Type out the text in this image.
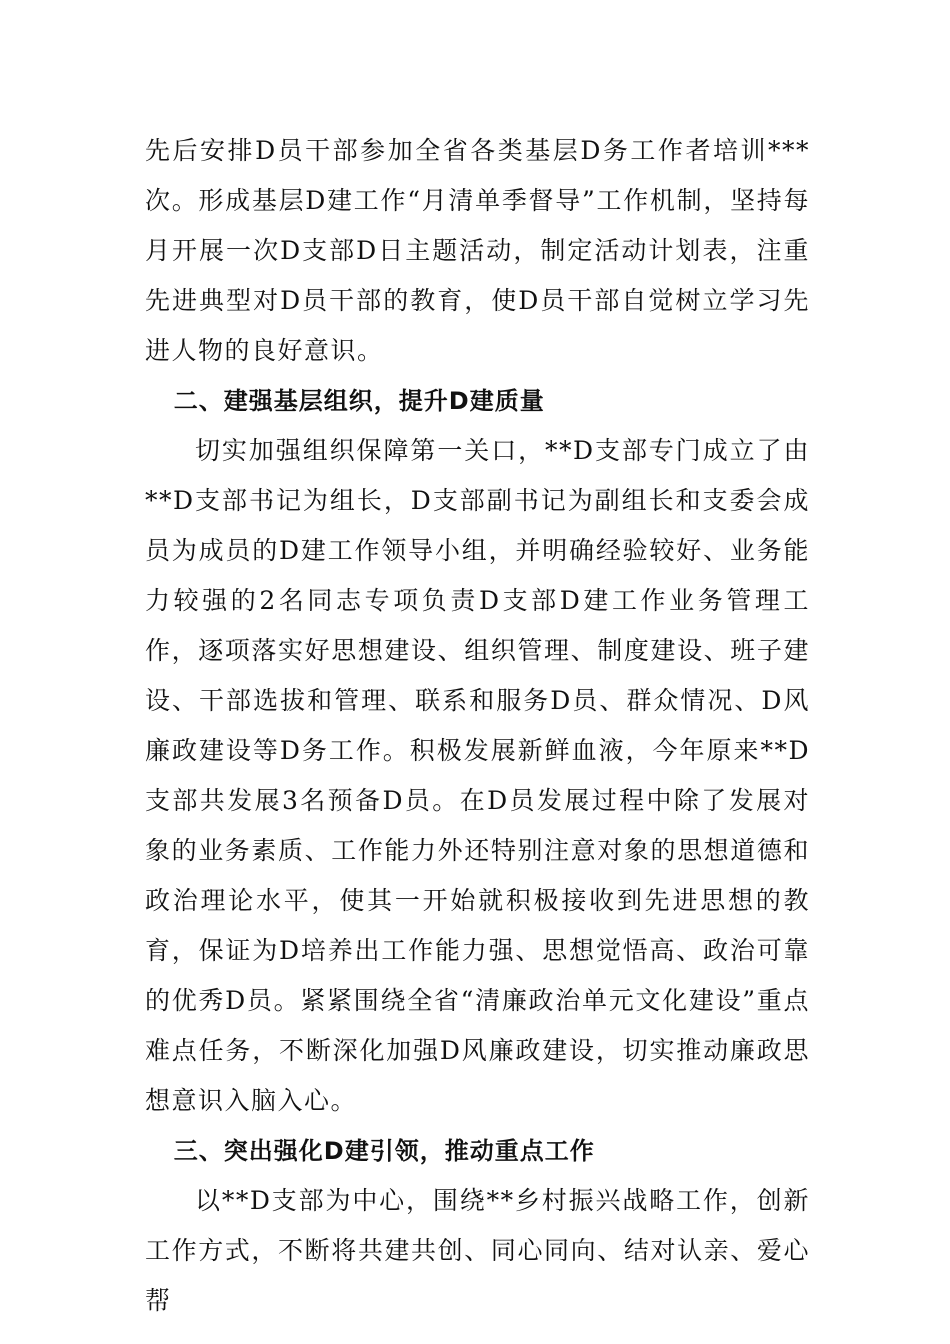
先后安排D员干部参加全省各类基层D务工作者培训***次。形成基层D建工作“月清单季督导”工作机制，坚持每月开展一次D支部D日主题活动，制定活动计划表，注重先进典型对D员干部的教育，使D员干部自觉树立学习先进人物的良好意识。

二、建强基层组织，提升D建质量

切实加强组织保障第一关口，**D支部专门成立了由**D支部书记为组长，D支部副书记为副组长和支委会成员为成员的D建工作领导小组，并明确经验较好、业务能力较强的2名同志专项负责D支部D建工作业务管理工作，逐项落实好思想建设、组织管理、制度建设、班子建设、干部选拔和管理、联系和服务D员、群众情况、D风廉政建设等D务工作。积极发展新鲜血液，今年原来**D支部共发展3名预备D员。在D员发展过程中除了发展对象的业务素质、工作能力外还特别注意对象的思想道德和政治理论水平，使其一开始就积极接收到先进思想的教育，保证为D培养出工作能力强、思想觉悟高、政治可靠的优秀D员。紧紧围绕全省“清廉政治单元文化建设”重点难点任务，不断深化加强D风廉政建设，切实推动廉政思想意识入脑入心。

三、突出强化D建引领，推动重点工作

以**D支部为中心，围绕**乡村振兴战略工作，创新工作方式，不断将共建共创、同心同向、结对认亲、爱心帮
